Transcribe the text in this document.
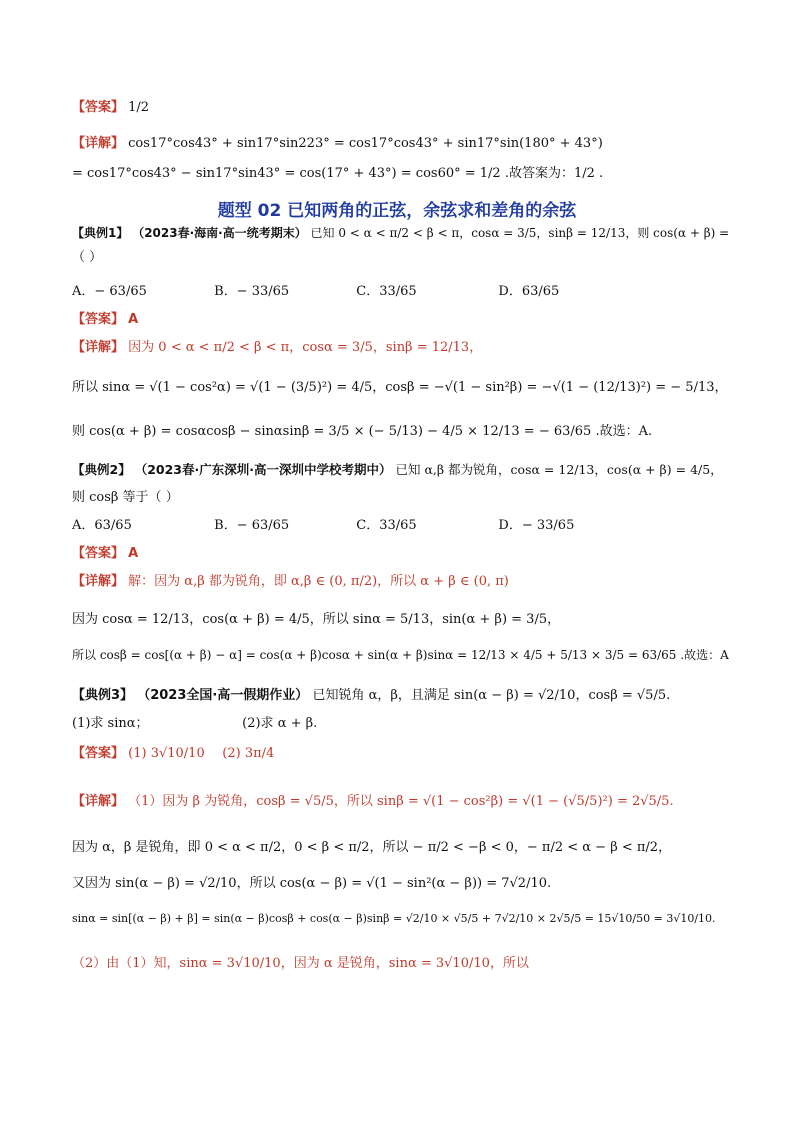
【答案】 1/2
【详解】 cos17°cos43° + sin17°sin223° = cos17°cos43° + sin17°sin(180° + 43°)
= cos17°cos43° − sin17°sin43° = cos(17° + 43°) = cos60° = 1/2 .故答案为：1/2 .
题型 02 已知两角的正弦，余弦求和差角的余弦
【典例1】 （2023春·海南·高一统考期末） 已知 0 < α < π/2 < β < π，cosα = 3/5，sinβ = 12/13，则 cos(α + β) =
（ ）
A．− 63/65	B．− 33/65	C．33/65	D．63/65
【答案】 A
【详解】 因为 0 < α < π/2 < β < π，cosα = 3/5，sinβ = 12/13，
所以 sinα = √(1 − cos²α) = √(1 − (3/5)²) = 4/5，cosβ = −√(1 − sin²β) = −√(1 − (12/13)²) = − 5/13，
则 cos(α + β) = cosαcosβ − sinαsinβ = 3/5 × (− 5/13) − 4/5 × 12/13 = − 63/65 .故选：A.
【典例2】 （2023春·广东深圳·高一深圳中学校考期中） 已知 α,β 都为锐角，cosα = 12/13，cos(α + β) = 4/5，
则 cosβ 等于（ ）
A．63/65	B．− 63/65	C．33/65	D．− 33/65
【答案】 A
【详解】 解：因为 α,β 都为锐角，即 α,β ∈ (0, π/2)，所以 α + β ∈ (0, π)
因为 cosα = 12/13，cos(α + β) = 4/5，所以 sinα = 5/13，sin(α + β) = 3/5，
所以 cosβ = cos[(α + β) − α] = cos(α + β)cosα + sin(α + β)sinα = 12/13 × 4/5 + 5/13 × 3/5 = 63/65 .故选：A
【典例3】 （2023全国·高一假期作业） 已知锐角 α，β，且满足 sin(α − β) = √2/10，cosβ = √5/5.
(1)求 sinα；	(2)求 α + β.
【答案】 (1) 3√10/10 (2) 3π/4
【详解】 （1）因为 β 为锐角，cosβ = √5/5，所以 sinβ = √(1 − cos²β) = √(1 − (√5/5)²) = 2√5/5.
因为 α，β 是锐角，即 0 < α < π/2，0 < β < π/2，所以 − π/2 < −β < 0，− π/2 < α − β < π/2，
又因为 sin(α − β) = √2/10，所以 cos(α − β) = √(1 − sin²(α − β)) = 7√2/10.
sinα = sin[(α − β) + β] = sin(α − β)cosβ + cos(α − β)sinβ = √2/10 × √5/5 + 7√2/10 × 2√5/5 = 15√10/50 = 3√10/10.
（2）由（1）知，sinα = 3√10/10，因为 α 是锐角，sinα = 3√10/10，所以
